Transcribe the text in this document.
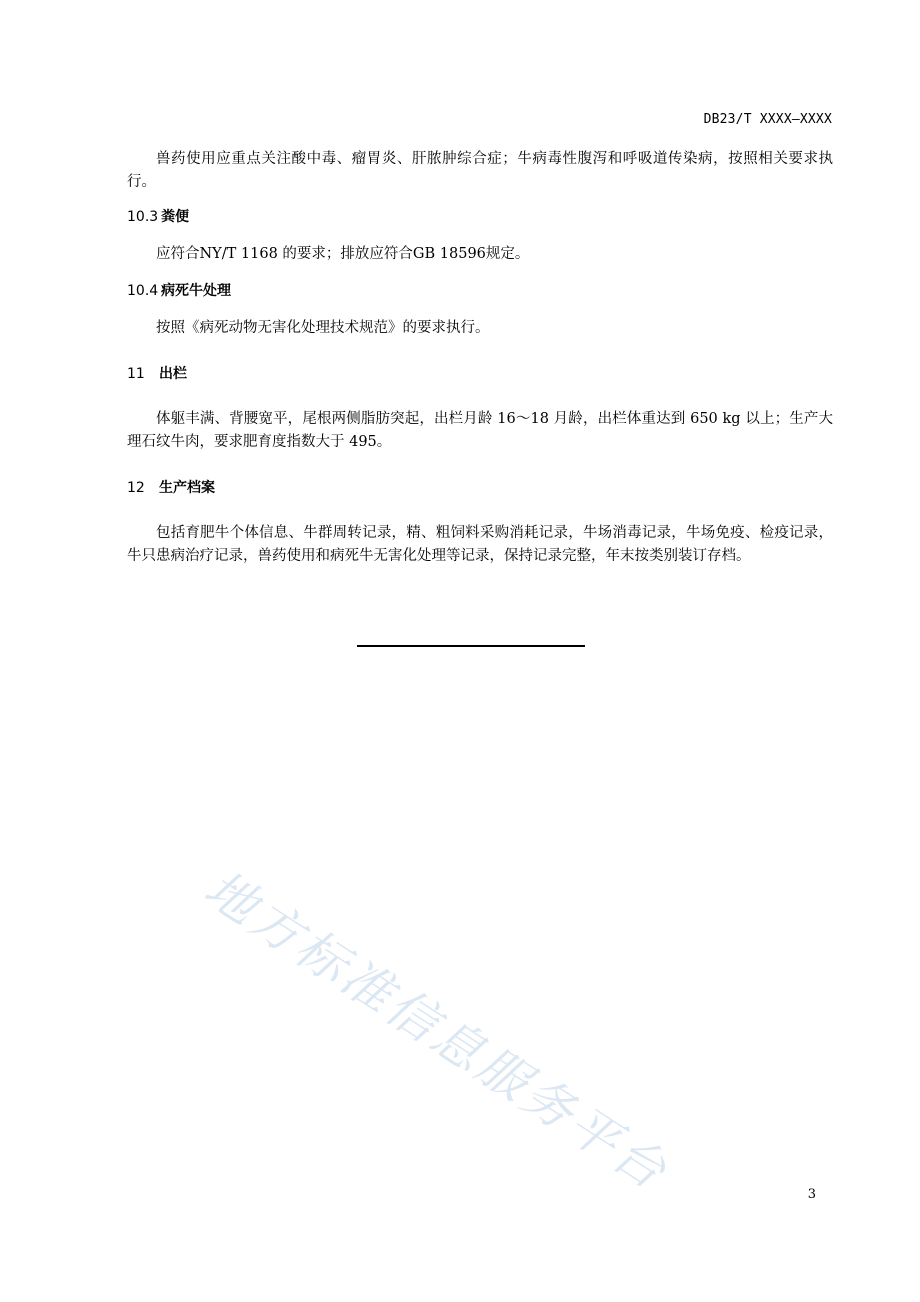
DB23/T XXXX—XXXX

兽药使用应重点关注酸中毒、瘤胃炎、肝脓肿综合症；牛病毒性腹泻和呼吸道传染病，按照相关要求执行。

10.3 粪便

应符合NY/T 1168 的要求；排放应符合GB 18596规定。

10.4 病死牛处理

按照《病死动物无害化处理技术规范》的要求执行。

11 出栏

体躯丰满、背腰宽平，尾根两侧脂肪突起，出栏月龄 16～18 月龄，出栏体重达到 650 kg 以上；生产大理石纹牛肉，要求肥育度指数大于 495。

12 生产档案

包括育肥牛个体信息、牛群周转记录，精、粗饲料采购消耗记录，牛场消毒记录，牛场免疫、检疫记录，牛只患病治疗记录，兽药使用和病死牛无害化处理等记录，保持记录完整，年末按类别装订存档。

地方标准信息服务平台	3
